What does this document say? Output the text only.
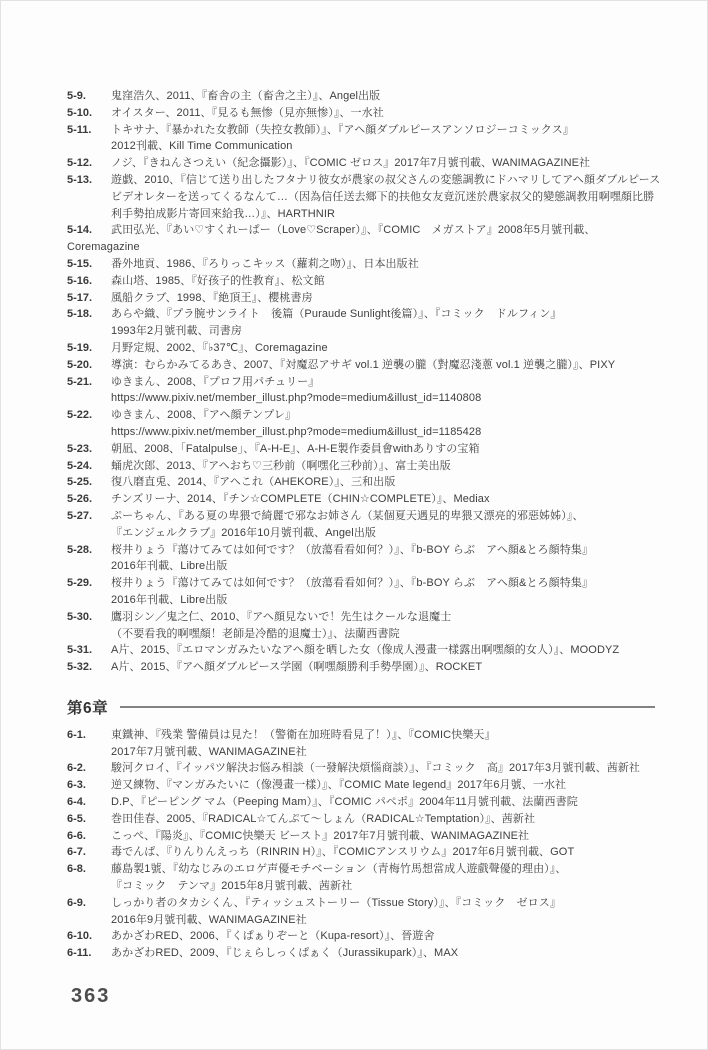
5-9. 鬼窪浩久、2011、『畜舎の主（畜舎之主）』、Angel出版
5-10. オイスター、2011、『見るも無惨（見亦無惨）』、一水社
5-11. トキサナ、『暴かれた女教師（失控女教師）』、『アヘ顔ダブルピースアンソロジーコミックス』
2012刊載、Kill Time Communication
5-12. ノジ、『きねんさつえい（紀念攝影）』、『COMIC ゼロス』2017年7月號刊載、WANIMAGAZINE社
5-13. 遊戯、2010、『信じて送り出したフタナリ彼女が農家の叔父さんの変態調教にドハマリしてアヘ顔ダブルピース
ビデオレターを送ってくるなんて…（因為信任送去鄉下的扶他女友竟沉迷於農家叔父的變態調教用啊嘿顏比勝
利手勢拍成影片寄回來給我…）』、HARTHNIR
5-14. 武田弘光、『あい♡すくれーぱー（Love♡Scraper）』、『COMIC　メガストア』2008年5月號刊載、
Coremagazine
5-15. 番外地貢、1986、『ろりっこキッス（蘿莉之吻）』、日本出版社
5-16. 森山塔、1985、『好孩子的性教育』、松文館
5-17. 風船クラブ、1998、『絶頂王』、櫻桃書房
5-18. あらや織、『プラ腕サンライト　後篇（Puraude Sunlight後篇）』、『コミック　ドルフィン』
1993年2月號刊載、司書房
5-19. 月野定規、2002、『♭37℃』、Coremagazine
5-20. 導演：むらかみてるあき、2007、『対魔忍アサギ vol.1 逆襲の朧（對魔忍淺蔥 vol.1 逆襲之朧）』、PIXY
5-21. ゆきまん、2008、『プロフ用パチュリー』
https://www.pixiv.net/member_illust.php?mode=medium&illust_id=1140808
5-22. ゆきまん、2008、『アヘ顔テンプレ』
https://www.pixiv.net/member_illust.php?mode=medium&illust_id=1185428
5-23. 朝凪、2008、「Fatalpulse」、『A-H-E』、A-H-E製作委員會withありすの宝箱
5-24. 蛹虎次郎、2013、『アヘおち♡三秒前（啊嘿化三秒前）』、富士美出版
5-25. 復八磨直兎、2014、『アヘこれ（AHEKORE）』、三和出版
5-26. チンズリーナ、2014、『チン☆COMPLETE（CHIN☆COMPLETE）』、Mediax
5-27. ぷーちゃん、『ある夏の卑猥で綺麗で邪なお姉さん（某個夏天遇見的卑猥又漂亮的邪惡姊姊）』、
『エンジェルクラブ』2016年10月號刊載、Angel出版
5-28. 桜井りょう『蕩けてみては如何です？（放蕩看看如何？）』、『b-BOY らぶ　アヘ顔&とろ顔特集』
2016年刊載、Libre出版
5-29. 桜井りょう『蕩けてみては如何です？（放蕩看看如何？）』、『b-BOY らぶ　アヘ顔&とろ顔特集』
2016年刊載、Libre出版
5-30. 鷹羽シン／鬼之仁、2010、『アヘ顔見ないで！先生はクールな退魔士
（不要看我的啊嘿顏！老師是冷酷的退魔士）』、法蘭西書院
5-31. A片、2015、『エロマンガみたいなアヘ顔を晒した女（像成人漫畫一樣露出啊嘿顏的女人）』、MOODYZ
5-32. A片、2015、『アヘ顔ダブルピース学園（啊嘿顏勝利手勢學園）』、ROCKET
第6章
6-1. 東鐵神、『残業 警備員は見た！（警衛在加班時看見了！）』、『COMIC快樂天』
2017年7月號刊載、WANIMAGAZINE社
6-2. 駿河クロイ、『イッパツ解決お悩み相談（一發解決煩惱商談）』、『コミック　高』2017年3月號刊載、茜新社
6-3. 逆又練物、『マンガみたいに（像漫畫一樣）』、『COMIC Mate legend』2017年6月號、一水社
6-4. D.P、『ピーピング マム（Peeping Mam）』、『COMIC パペポ』2004年11月號刊載、法蘭西書院
6-5. 巻田佳春、2005、『RADICAL☆てんぷて～しょん（RADICAL☆Temptation）』、茜新社
6-6. こっぺ、『陽炎』、『COMIC快樂天 ビースト』2017年7月號刊載、WANIMAGAZINE社
6-7. 毒でんぱ、『りんりんえっち（RINRIN H）』、『COMICアンスリウム』2017年6月號刊載、GOT
6-8. 藤島製1號、『幼なじみのエロゲ声優モチベーション（青梅竹馬想當成人遊戲聲優的理由）』、
『コミック　テンマ』2015年8月號刊載、茜新社
6-9. しっかり者のタカシくん、『ティッシュストーリー（Tissue Story）』、『コミック　ゼロス』
2016年9月號刊載、WANIMAGAZINE社
6-10. あかざわRED、2006、『くぱぁりぞーと（Kupa-resort）』、晉遊舍
6-11. あかざわRED、2009、『じぇらしっくぱぁく（Jurassikupark）』、MAX
363
